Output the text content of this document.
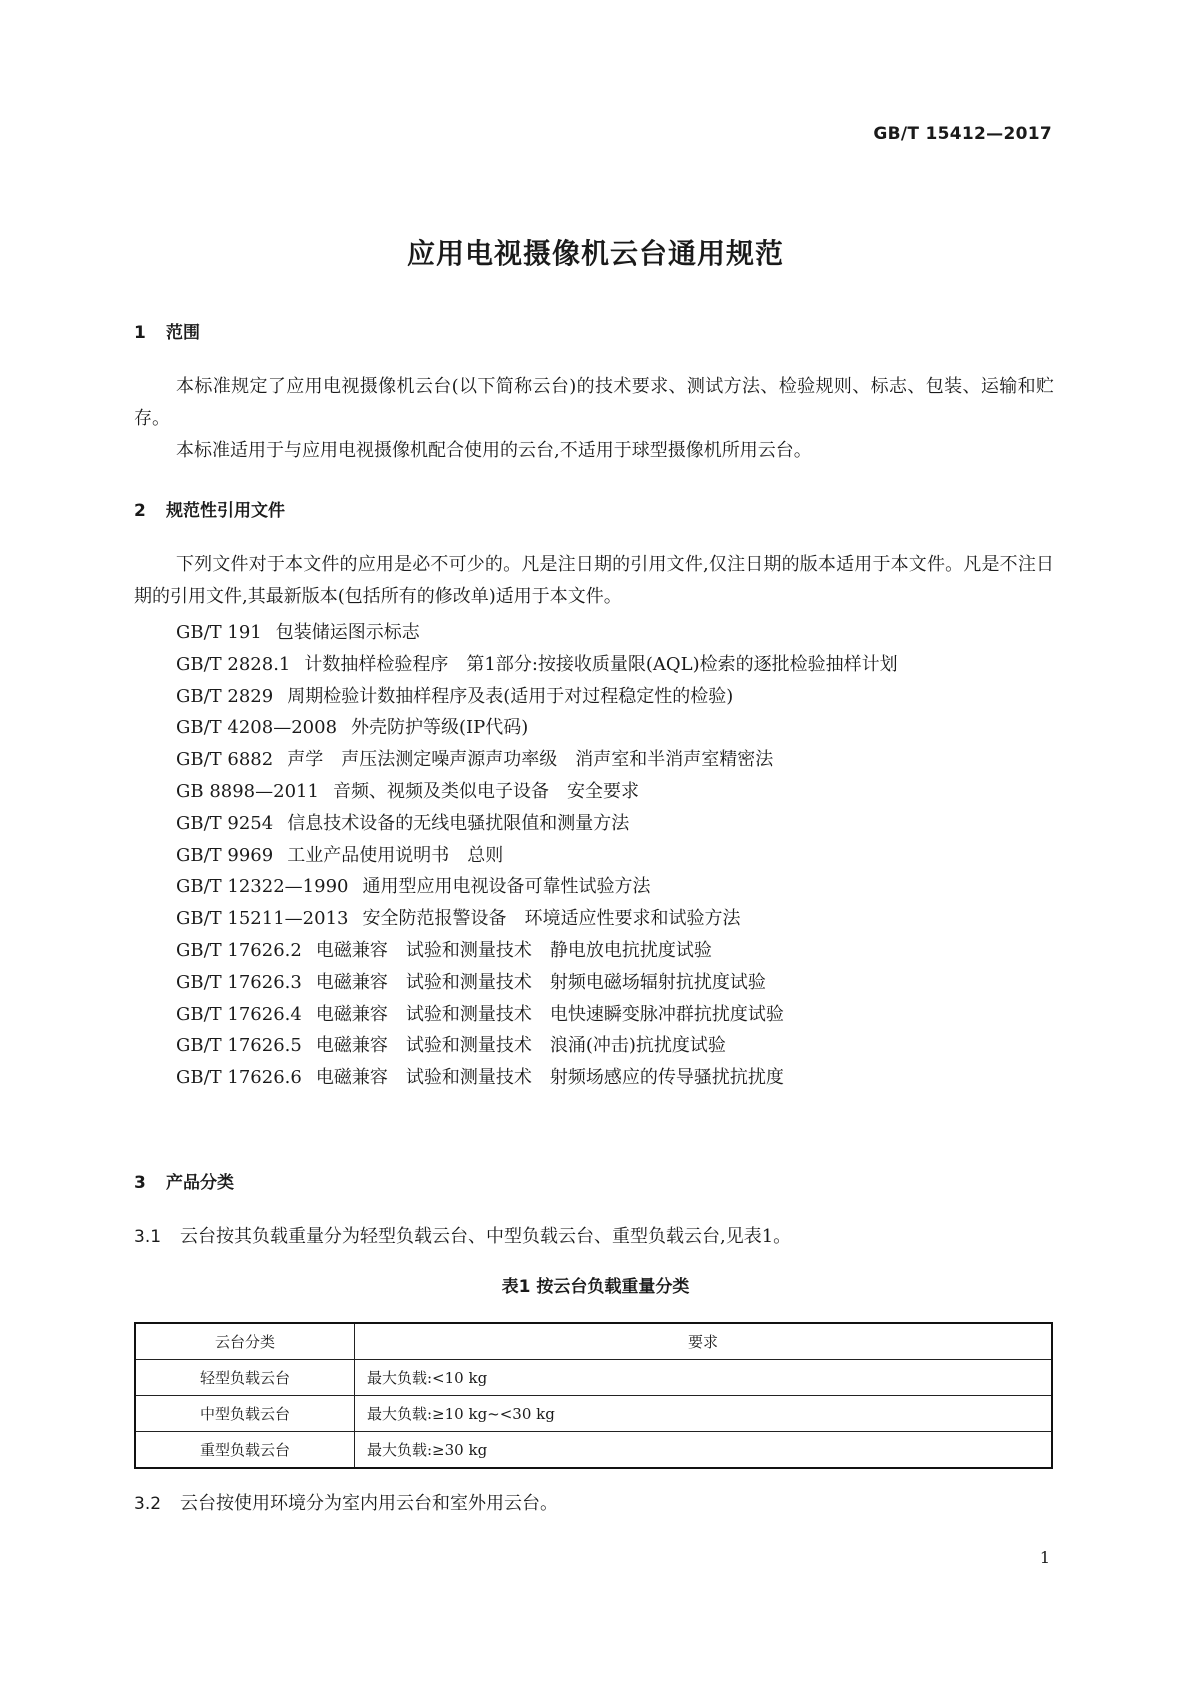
GB/T 15412—2017
应用电视摄像机云台通用规范
1 范围
本标准规定了应用电视摄像机云台(以下简称云台)的技术要求、测试方法、检验规则、标志、包装、运输和贮存。
本标准适用于与应用电视摄像机配合使用的云台,不适用于球型摄像机所用云台。
2 规范性引用文件
下列文件对于本文件的应用是必不可少的。凡是注日期的引用文件,仅注日期的版本适用于本文件。凡是不注日期的引用文件,其最新版本(包括所有的修改单)适用于本文件。
GB/T 191 包装储运图示标志
GB/T 2828.1 计数抽样检验程序 第1部分:按接收质量限(AQL)检索的逐批检验抽样计划
GB/T 2829 周期检验计数抽样程序及表(适用于对过程稳定性的检验)
GB/T 4208—2008 外壳防护等级(IP代码)
GB/T 6882 声学 声压法测定噪声源声功率级 消声室和半消声室精密法
GB 8898—2011 音频、视频及类似电子设备 安全要求
GB/T 9254 信息技术设备的无线电骚扰限值和测量方法
GB/T 9969 工业产品使用说明书 总则
GB/T 12322—1990 通用型应用电视设备可靠性试验方法
GB/T 15211—2013 安全防范报警设备 环境适应性要求和试验方法
GB/T 17626.2 电磁兼容 试验和测量技术 静电放电抗扰度试验
GB/T 17626.3 电磁兼容 试验和测量技术 射频电磁场辐射抗扰度试验
GB/T 17626.4 电磁兼容 试验和测量技术 电快速瞬变脉冲群抗扰度试验
GB/T 17626.5 电磁兼容 试验和测量技术 浪涌(冲击)抗扰度试验
GB/T 17626.6 电磁兼容 试验和测量技术 射频场感应的传导骚扰抗扰度
3 产品分类
3.1 云台按其负载重量分为轻型负载云台、中型负载云台、重型负载云台,见表1。
表1 按云台负载重量分类
云台分类	要求
轻型负载云台	最大负载:<10 kg
中型负载云台	最大负载:≥10 kg~<30 kg
重型负载云台	最大负载:≥30 kg
3.2 云台按使用环境分为室内用云台和室外用云台。
1
